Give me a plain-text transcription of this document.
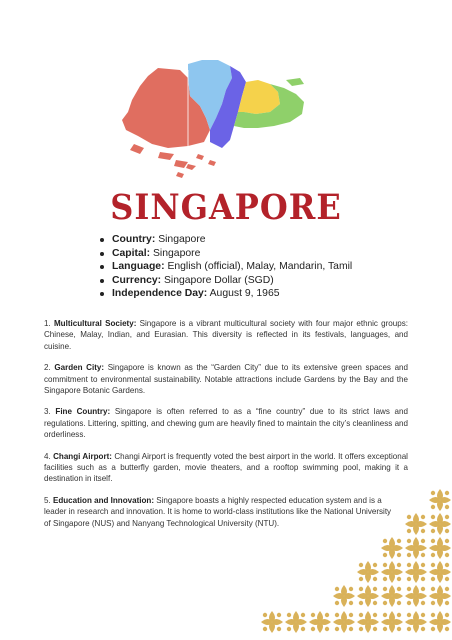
SINGAPORE
Country: Singapore
Capital: Singapore
Language: English (official), Malay, Mandarin, Tamil
Currency: Singapore Dollar (SGD)
Independence Day: August 9, 1965

1. Multicultural Society: Singapore is a vibrant multicultural society with four major ethnic groups: Chinese, Malay, Indian, and Eurasian. This diversity is reflected in its festivals, languages, and cuisine.

2. Garden City: Singapore is known as the “Garden City” due to its extensive green spaces and commitment to environmental sustainability. Notable attractions include Gardens by the Bay and the Singapore Botanic Gardens.

3. Fine Country: Singapore is often referred to as a “fine country” due to its strict laws and regulations. Littering, spitting, and chewing gum are heavily fined to maintain the city’s cleanliness and orderliness.

4. Changi Airport: Changi Airport is frequently voted the best airport in the world. It offers exceptional facilities such as a butterfly garden, movie theaters, and a rooftop swimming pool, making it a destination in itself.

5. Education and Innovation: Singapore boasts a highly respected education system and is a leader in research and innovation. It is home to world-class institutions like the National University of Singapore (NUS) and Nanyang Technological University (NTU).
